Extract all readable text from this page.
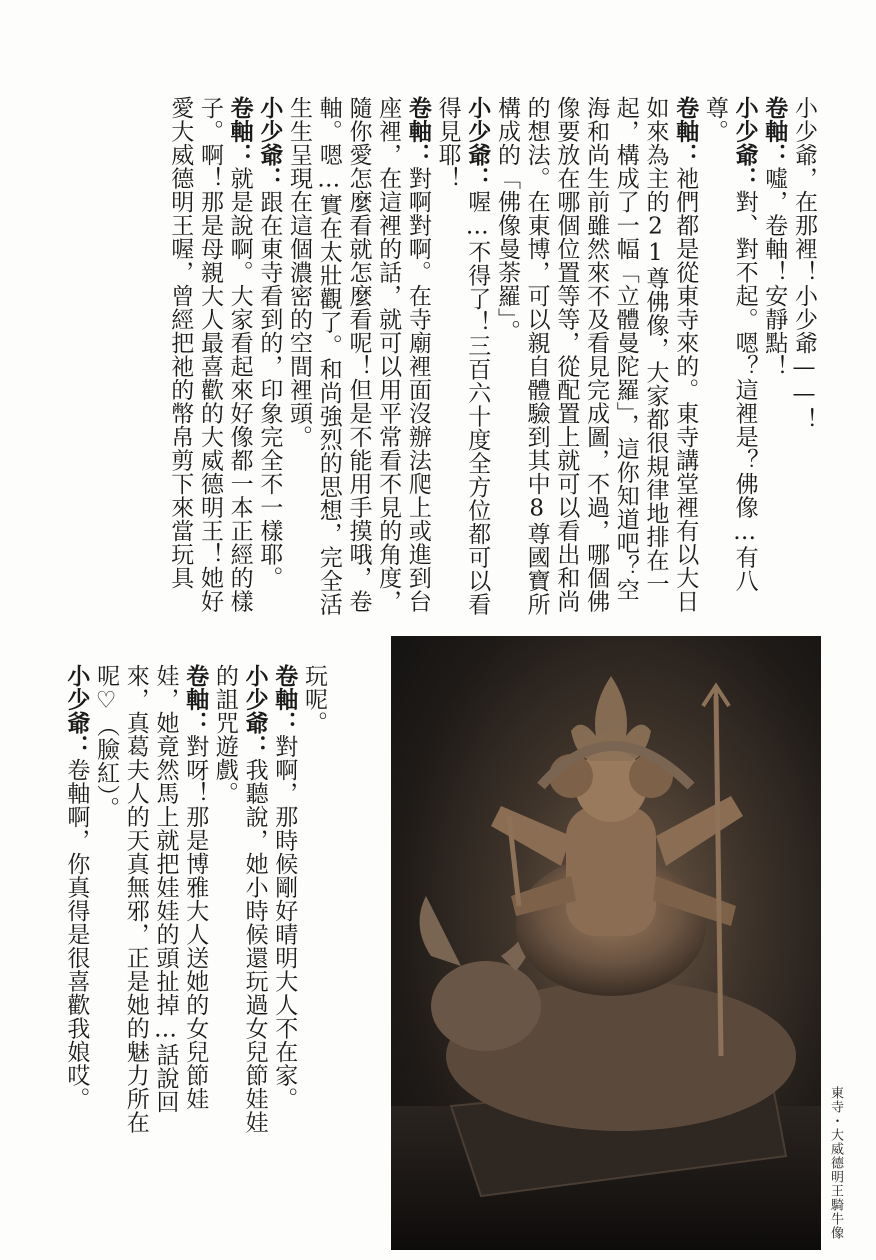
小少爺，在那裡！小少爺——！
卷軸：噓，卷軸！安靜點！
小少爺：對、對不起。嗯？這裡是？佛像…有八尊。
卷軸：祂們都是從東寺來的。東寺講堂裡有以大日如來為主的21尊佛像，大家都很規律地排在一起，構成了一幅「立體曼陀羅」，這你知道吧？空海和尚生前雖然來不及看見完成圖，不過，哪個佛像要放在哪個位置等等，從配置上就可以看出和尚的想法。在東博，可以親自體驗到其中8尊國寶所構成的「佛像曼荼羅」。
小少爺：喔…不得了！三百六十度全方位都可以看得見耶！
卷軸：對啊對啊。在寺廟裡面沒辦法爬上或進到台座裡，在這裡的話，就可以用平常看不見的角度，隨你愛怎麼看就怎麼看呢！但是不能用手摸哦，卷軸。嗯…實在太壯觀了。和尚強烈的思想，完全活生生呈現在這個濃密的空間裡頭。
小少爺：跟在東寺看到的，印象完全不一樣耶。
卷軸：就是說啊。大家看起來好像都一本正經的樣子。啊！那是母親大人最喜歡的大威德明王！她好愛大威德明王喔，曾經把祂的幣帛剪下來當玩具
玩呢。
卷軸：對啊，那時候剛好晴明大人不在家。
小少爺：我聽說，她小時候還玩過女兒節娃娃的詛咒遊戲。
卷軸：對呀！那是博雅大人送她的女兒節娃娃，她竟然馬上就把娃娃的頭扯掉…話說回來，真葛夫人的天真無邪，正是她的魅力所在呢♡（臉紅）。
小少爺：卷軸啊，你真得是很喜歡我娘哎。
東寺・大威德明王騎牛像
